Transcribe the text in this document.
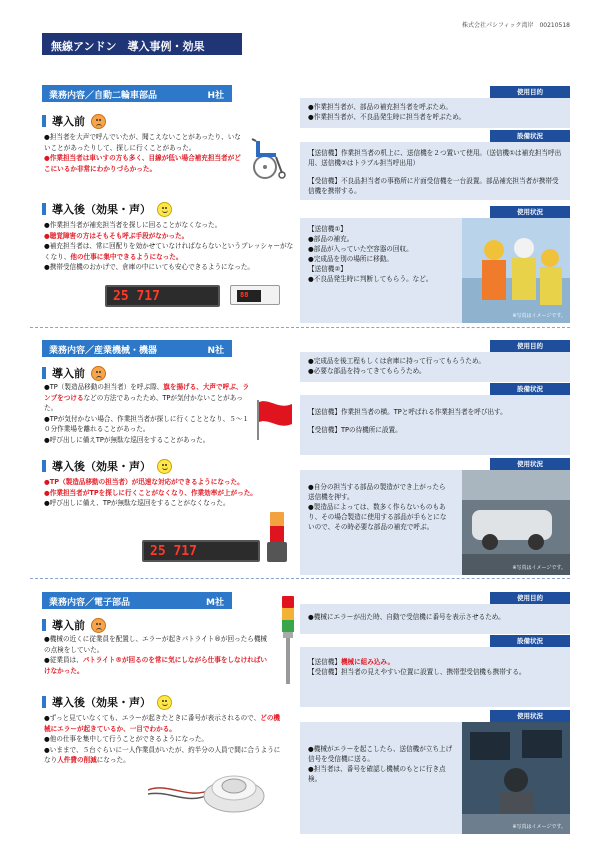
株式会社パシフィック湾岸　00210518
無線アンドン　導入事例・効果
業務内容／自動二輪車部品	H社
導入前

●担当者を大声で呼んでいたが、聞こえないことがあったり、いないことがあったりして、探しに行くことがあった。

●作業担当者は車いすの方も多く、目線が低い場合補充担当者がどこにいるか非常にわかりづらかった。

導入後（効果・声）

●作業担当者が補充担当者を探しに回ることがなくなった。

●聴覚障害の方はそもそも呼ぶ手段がなかった。

●補充担当者は、常に回配りを効かせていなければならないというプレッシャーがなくなり、他の仕事に集中できるようになった。

●携帯受信機のおかげで、倉庫の中にいても安心できるようになった。

25 717	88
使用目的

●作業担当者が、部品の補充担当者を呼ぶため。

●作業担当者が、不良品発生時に担当者を呼ぶため。

設備状況

【送信機】作業担当者の机上に、送信機を２つ置いて使用。（送信機①は補充担当呼出用、送信機②はトラブル担当呼出用）

【受信機】不良品担当者の事務所に片面受信機を一台設置。部品補充担当者が携帯受信機を携帯する。

使用状況

【送信機①】

●部品の補充。

●部品が入っていた空容器の回収。

●完成品を別の場所に移動。

【送信機②】

●不良品発生時に判断してもらう。など。

※写真はイメージです。
業務内容／産業機械・機器	N社
導入前

●TP（製造品移動の担当者）を呼ぶ際、旗を揚げる、大声で呼ぶ、ランプをつけるなどの方法であったため、TPが気付かないことがあった。

●TPが気付かない場合、作業担当者が探しに行くこととなり、５～１０分作業場を離れることがあった。

●呼び出しに備えTPが無駄な巡回をすることがあった。

導入後（効果・声）

●TP（製造品移動の担当者）が迅速な対応ができるようになった。

●作業担当者がTPを探しに行くことがなくなり、作業効率が上がった。

●呼び出しに備え、TPが無駄な巡回をすることがなくなった。

25 717
使用目的

●完成品を後工程もしくは倉庫に持って行ってもらうため。

●必要な部品を持ってきてもらうため。

設備状況

【送信機】作業担当者の横。TPと呼ばれる作業担当者を呼び出す。

【受信機】TPの待機所に設置。

使用状況

●自分の担当する部品の製造ができ上がったら送信機を押す。

●製造品によっては、数多く作らないものもあり、その場合製造に使用する部品が手もとにないので、その時必要な部品の補充で呼ぶ。

※写真はイメージです。
業務内容／電子部品	M社
導入前

●機械の近くに従業員を配置し、エラーが起きパトライト®が回ったら機械の点検をしていた。

●従業員は、パトライト®が回るのを常に気にしながら仕事をしなければいけなかった。

導入後（効果・声）

●ずっと見ていなくても、エラーが起きたときに番号が表示されるので、どの機械にエラーが起きているか、一目でわかる。

●他の仕事を集中して行うことができるようになった。

●いままで、５台ぐらいに一人作業員がいたが、約半分の人員で間に合うようになり人件費の削減になった。

使用目的

●機械にエラーが出た時、自動で受信機に番号を表示させるため。

設備状況

【送信機】機械に組み込み。

【受信機】担当者の見えやすい位置に設置し、携帯型受信機も携帯する。

使用状況

●機械がエラーを起こしたら、送信機が立ち上げ信号を受信機に送る。

●担当者は、番号を確認し機械のもとに行き点検。

※写真はイメージです。
